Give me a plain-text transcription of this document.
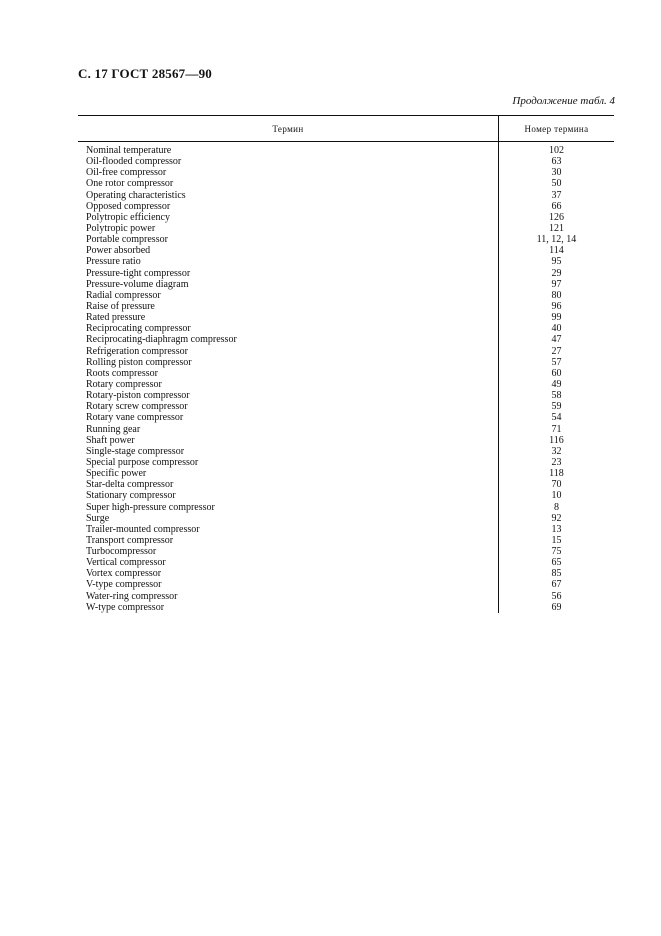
С. 17 ГОСТ 28567—90
Продолжение табл. 4
Термин	Номер термина
Nominal temperature	102
Oil-flooded compressor	63
Oil-free compressor	30
One rotor compressor	50
Operating characteristics	37
Opposed compressor	66
Polytropic efficiency	126
Polytropic power	121
Portable compressor	11, 12, 14
Power absorbed	114
Pressure ratio	95
Pressure-tight compressor	29
Pressure-volume diagram	97
Radial compressor	80
Raise of pressure	96
Rated pressure	99
Reciprocating compressor	40
Reciprocating-diaphragm compressor	47
Refrigeration compressor	27
Rolling piston compressor	57
Roots compressor	60
Rotary compressor	49
Rotary-piston compressor	58
Rotary screw compressor	59
Rotary vane compressor	54
Running gear	71
Shaft power	116
Single-stage compressor	32
Special purpose compressor	23
Specific power	118
Star-delta compressor	70
Stationary compressor	10
Super high-pressure compressor	8
Surge	92
Trailer-mounted compressor	13
Transport compressor	15
Turbocompressor	75
Vertical compressor	65
Vortex compressor	85
V-type compressor	67
Water-ring compressor	56
W-type compressor	69
